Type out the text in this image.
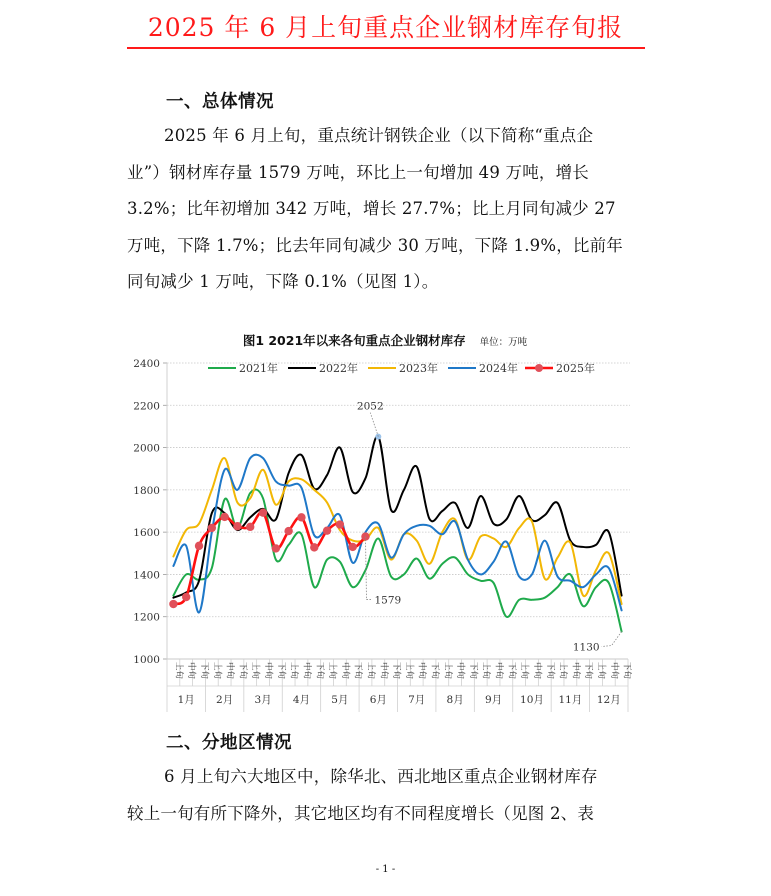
2025 年 6 月上旬重点企业钢材库存旬报
一、总体情况
2025 年 6 月上旬，重点统计钢铁企业（以下简称“重点企
业”）钢材库存量 1579 万吨，环比上一旬增加 49 万吨，增长
3.2%；比年初增加 342 万吨，增长 27.7%；比上月同旬减少 27
万吨，下降 1.7%；比去年同旬减少 30 万吨，下降 1.9%，比前年
同旬减少 1 万吨，下降 0.1%（见图 1）。
图1 2021年以来各旬重点企业钢材库存 单位：万吨
1000
1200
1400
1600
1800
2000
2200
2400
上旬 中旬 下旬 上旬 中旬 下旬 上旬 中旬 下旬 上旬 中旬 下旬 上旬 中旬 下旬 上旬 中旬 下旬 上旬 中旬 下旬 上旬 中旬 下旬 上旬 中旬 下旬 上旬 中旬 下旬 上旬 中旬 下旬 上旬 中旬 下旬
1月 2月 3月 4月 5月 6月 7月 8月 9月 10月 11月 12月
2052
1579
1130
2021年	2022年	2023年	2024年	2025年
二、分地区情况
6 月上旬六大地区中，除华北、西北地区重点企业钢材库存
较上一旬有所下降外，其它地区均有不同程度增长（见图 2、表
- 1 -
